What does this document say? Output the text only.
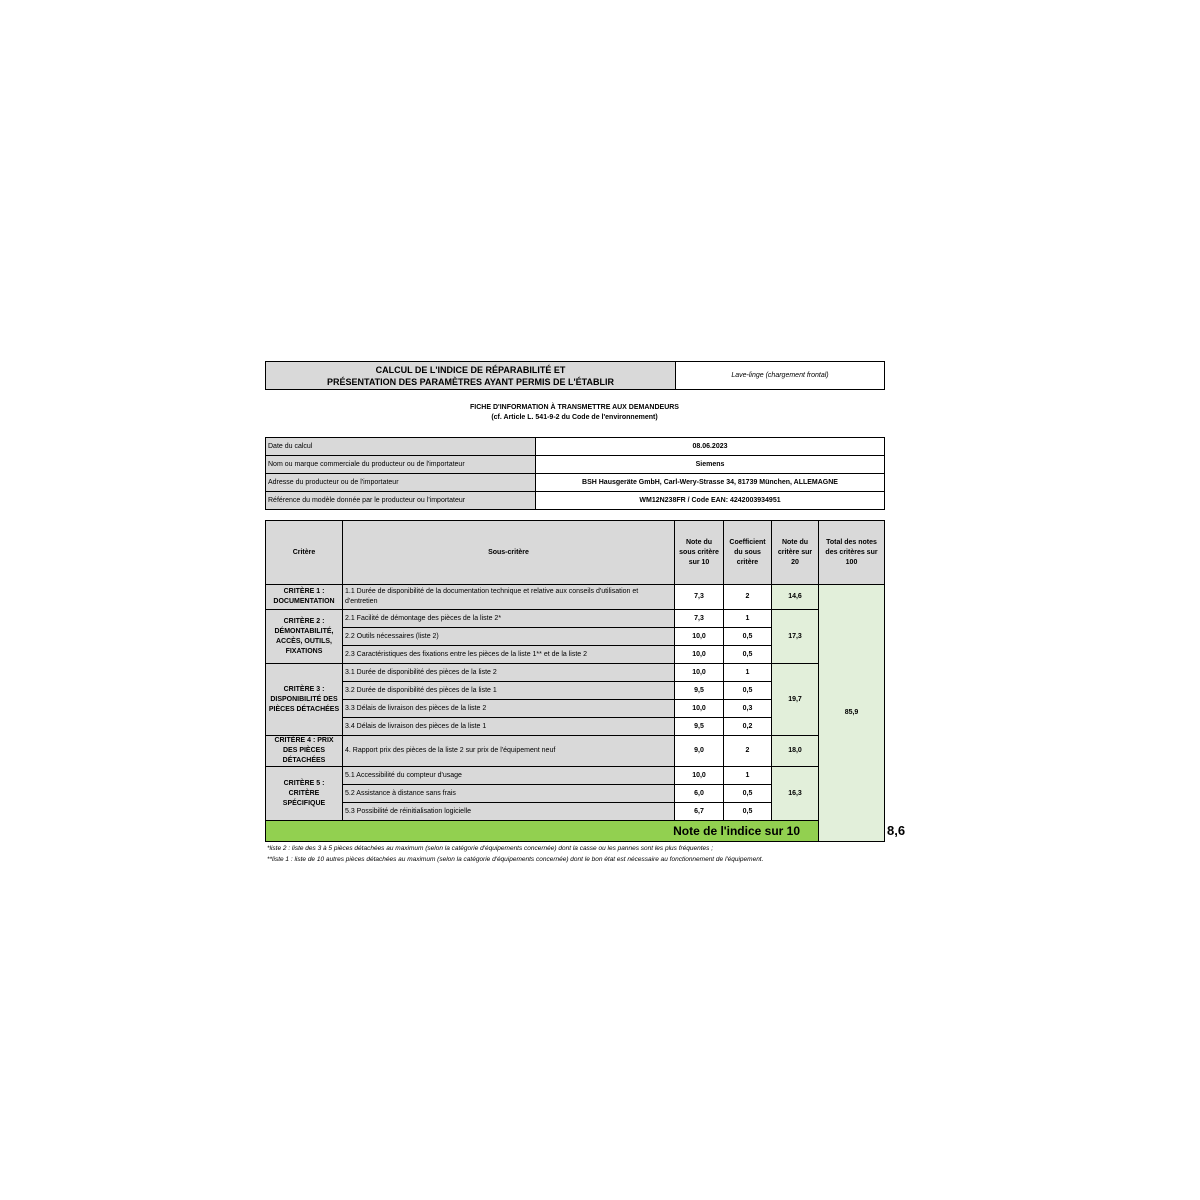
CALCUL DE L'INDICE DE RÉPARABILITÉ ET
PRÉSENTATION DES PARAMÈTRES AYANT PERMIS DE L'ÉTABLIR
	Lave-linge (chargement frontal)
FICHE D'INFORMATION À TRANSMETTRE AUX DEMANDEURS
(cf. Article L. 541-9-2 du Code de l'environnement)
Date du calcul	08.06.2023
Nom ou marque commerciale du producteur ou de l'importateur	Siemens
Adresse du producteur ou de l'importateur	BSH Hausgeräte GmbH, Carl-Wery-Strasse 34, 81739 München, ALLEMAGNE
Référence du modèle donnée par le producteur ou l'importateur	WM12N238FR / Code EAN: 4242003934951
Critère	Sous-critère	Note du sous critère sur 10	Coefficient du sous critère	Note du critère sur 20	Total des notes des critères sur 100	
CRITÈRE 1 : DOCUMENTATION	1.1 Durée de disponibilité de la documentation technique et relative aux conseils d'utilisation et d'entretien	7,3	2	14,6	85,9	
CRITÈRE 2 : DÉMONTABILITÉ, ACCÈS, OUTILS, FIXATIONS	2.1 Facilité de démontage des pièces de la liste 2*	7,3	1	17,3		
	2.2 Outils nécessaires (liste 2)	10,0	0,5			
	2.3 Caractéristiques des fixations entre les pièces de la liste 1** et de la liste 2	10,0	0,5			
CRITÈRE 3 : DISPONIBILITÉ DES PIÈCES DÉTACHÉES	3.1 Durée de disponibilité des pièces de la liste 2	10,0	1	19,7		
	3.2 Durée de disponibilité des pièces de la liste 1	9,5	0,5			
	3.3 Délais de livraison des pièces de la liste 2	10,0	0,3			
	3.4 Délais de livraison des pièces de la liste 1	9,5	0,2			
CRITÈRE 4 : PRIX DES PIÈCES DÉTACHÉES	4. Rapport prix des pièces de la liste 2 sur prix de l'équipement neuf	9,0	2	18,0		
CRITÈRE 5 : CRITÈRE SPÉCIFIQUE	5.1 Accessibilité du compteur d'usage	10,0	1	16,3		
	5.2 Assistance à distance sans frais	6,0	0,5			
	5.3 Possibilité de réinitialisation logicielle	6,7	0,5			
Note de l'indice sur 10						8,6
*liste 2 : liste des 3 à 5 pièces détachées au maximum (selon la catégorie d'équipements concernée) dont la casse ou les pannes sont les plus fréquentes ;
**liste 1 : liste de 10 autres pièces détachées au maximum (selon la catégorie d'équipements concernée) dont le bon état est nécessaire au fonctionnement de l'équipement.
